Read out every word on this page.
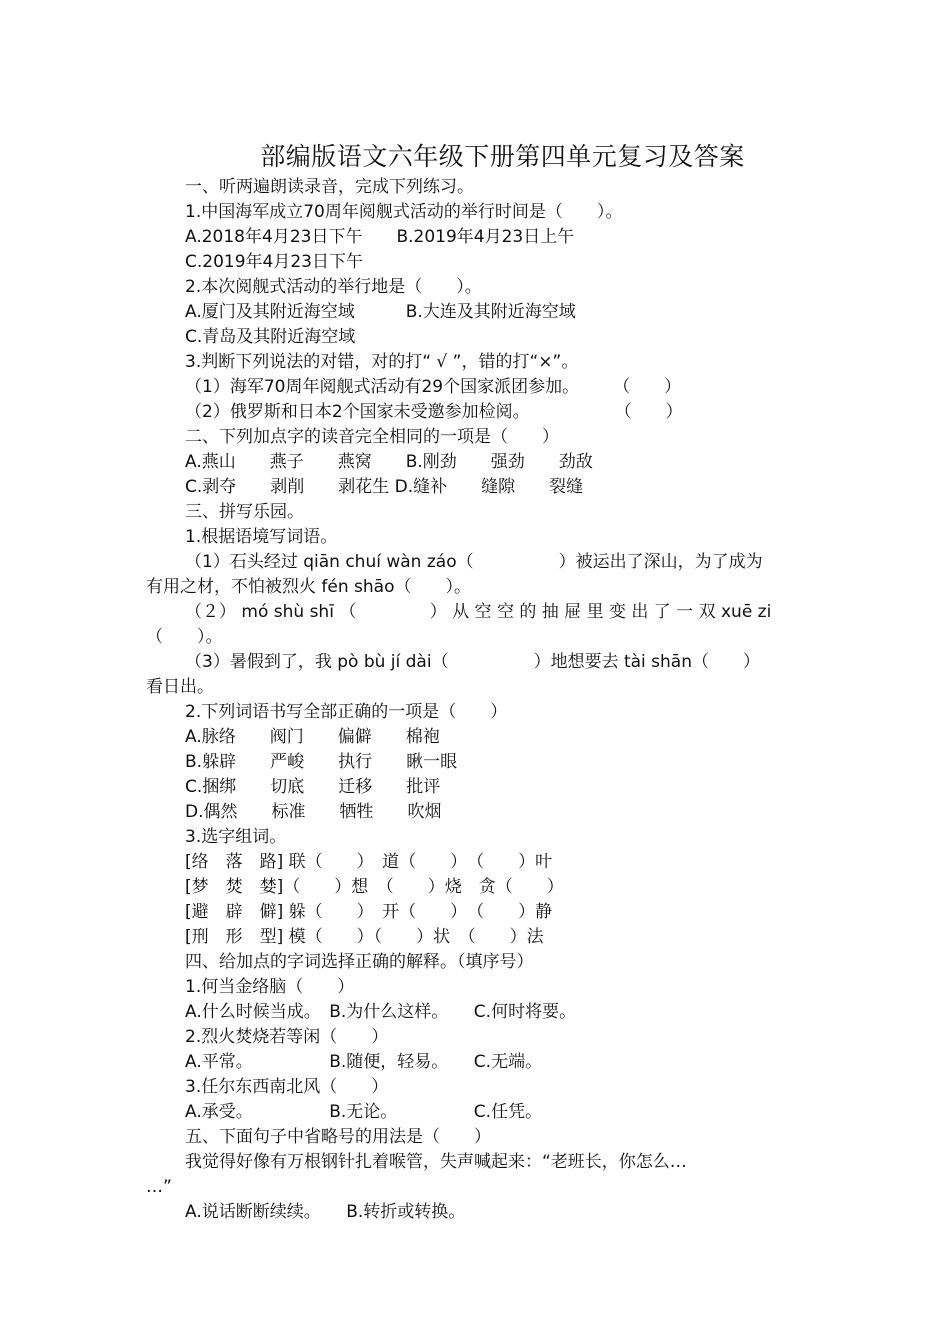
部编版语文六年级下册第四单元复习及答案
一、听两遍朗读录音，完成下列练习。
1.中国海军成立70周年阅舰式活动的举行时间是（　　）。
A.2018年4月23日下午　　B.2019年4月23日上午
C.2019年4月23日下午
2.本次阅舰式活动的举行地是（　　）。
A.厦门及其附近海空域　　　B.大连及其附近海空域
C.青岛及其附近海空域
3.判断下列说法的对错，对的打“ √ ”，错的打“×”。
（1）海军70周年阅舰式活动有29个国家派团参加。　　　（　　）
（2）俄罗斯和日本2个国家未受邀参加检阅。　　　　　　（　　）
二、下列加点字的读音完全相同的一项是（　　）
A.燕山　　燕子　　燕窝　　B.刚劲　　强劲　　劲敌
C.剥夺　　剥削　　剥花生 D.缝补　　缝隙　　裂缝
三、拼写乐园。
1.根据语境写词语。
（1）石头经过 qiān chuí wàn záo（　　　　　）被运出了深山，为了成为
有用之材，不怕被烈火 fén shāo（　　）。
（２） mó shù shī （　　　　 ） 从 空 空 的 抽 屉 里 变 出 了 一 双 xuē zi
（　　）。
（3）暑假到了，我 pò bù jí dài（　　　　　）地想要去 tài shān（　　）
看日出。
2.下列词语书写全部正确的一项是（　　）
A.脉络　　阀门　　偏僻　　棉袍
B.躲辟　　严峻　　执行　　瞅一眼
C.捆绑　　切底　　迁移　　批评
D.偶然　　标准　　牺牲　　吹烟
3.选字组词。
[络　落　路] 联（　　）　道（　　）　（　　）叶
[梦　焚　婪]（　　）想　（　　）烧　贪（　　）
[避　辟　僻] 躲（　　）　开（　　）　（　　）静
[刑　形　型] 模（　　）（　　）状　（　　）法
四、给加点的字词选择正确的解释。（填序号）
1.何当金络脑（　　）
A.什么时候当成。　B.为什么这样。　　C.何时将要。
2.烈火焚烧若等闲（　　）
A.平常。　　　　　B.随便，轻易。　　C.无端。
3.任尔东西南北风（　　）
A.承受。　　　　　B.无论。　　　　　C.任凭。
五、下面句子中省略号的用法是（　　）
我觉得好像有万根钢针扎着喉管，失声喊起来：“老班长，你怎么…
…”
A.说话断断续续。　　B.转折或转换。
